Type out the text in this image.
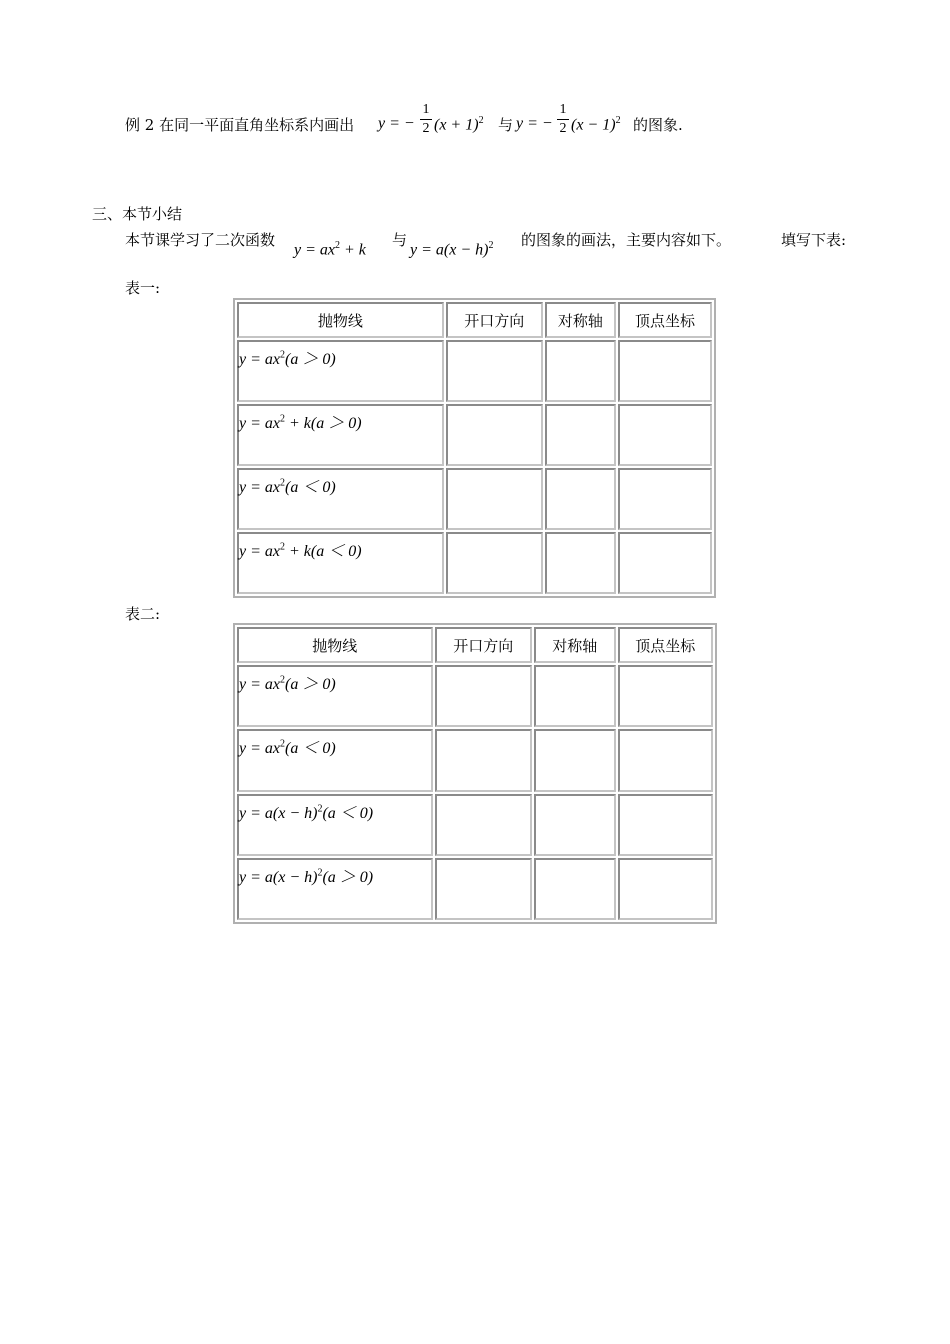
例 2 在同一平面直角坐标系内画出 y = −
1
2 $(x + 1)^2$ 与 y = −
1
2 $(x - 1)^2$ 的图象.
三、本节小结
本节课学习了二次函数
$y = ax^2 + k$
与
$y = a(x - h)^2$ 的图象的画法，主要内容如下。	填写下表:
表一:
抛物线	开口方向	对称轴	顶点坐标
$y = ax^2(a > 0)$			
$y = ax^2 + k(a > 0)$			
$y = ax^2(a < 0)$			
$y = ax^2 + k(a < 0)$			
表二:
抛物线	开口方向	对称轴	顶点坐标
$y = ax^2(a > 0)$			
$y = ax^2(a < 0)$			
$y = a(x - h)^2(a < 0)$			
$y = a(x - h)^2(a > 0)$			
